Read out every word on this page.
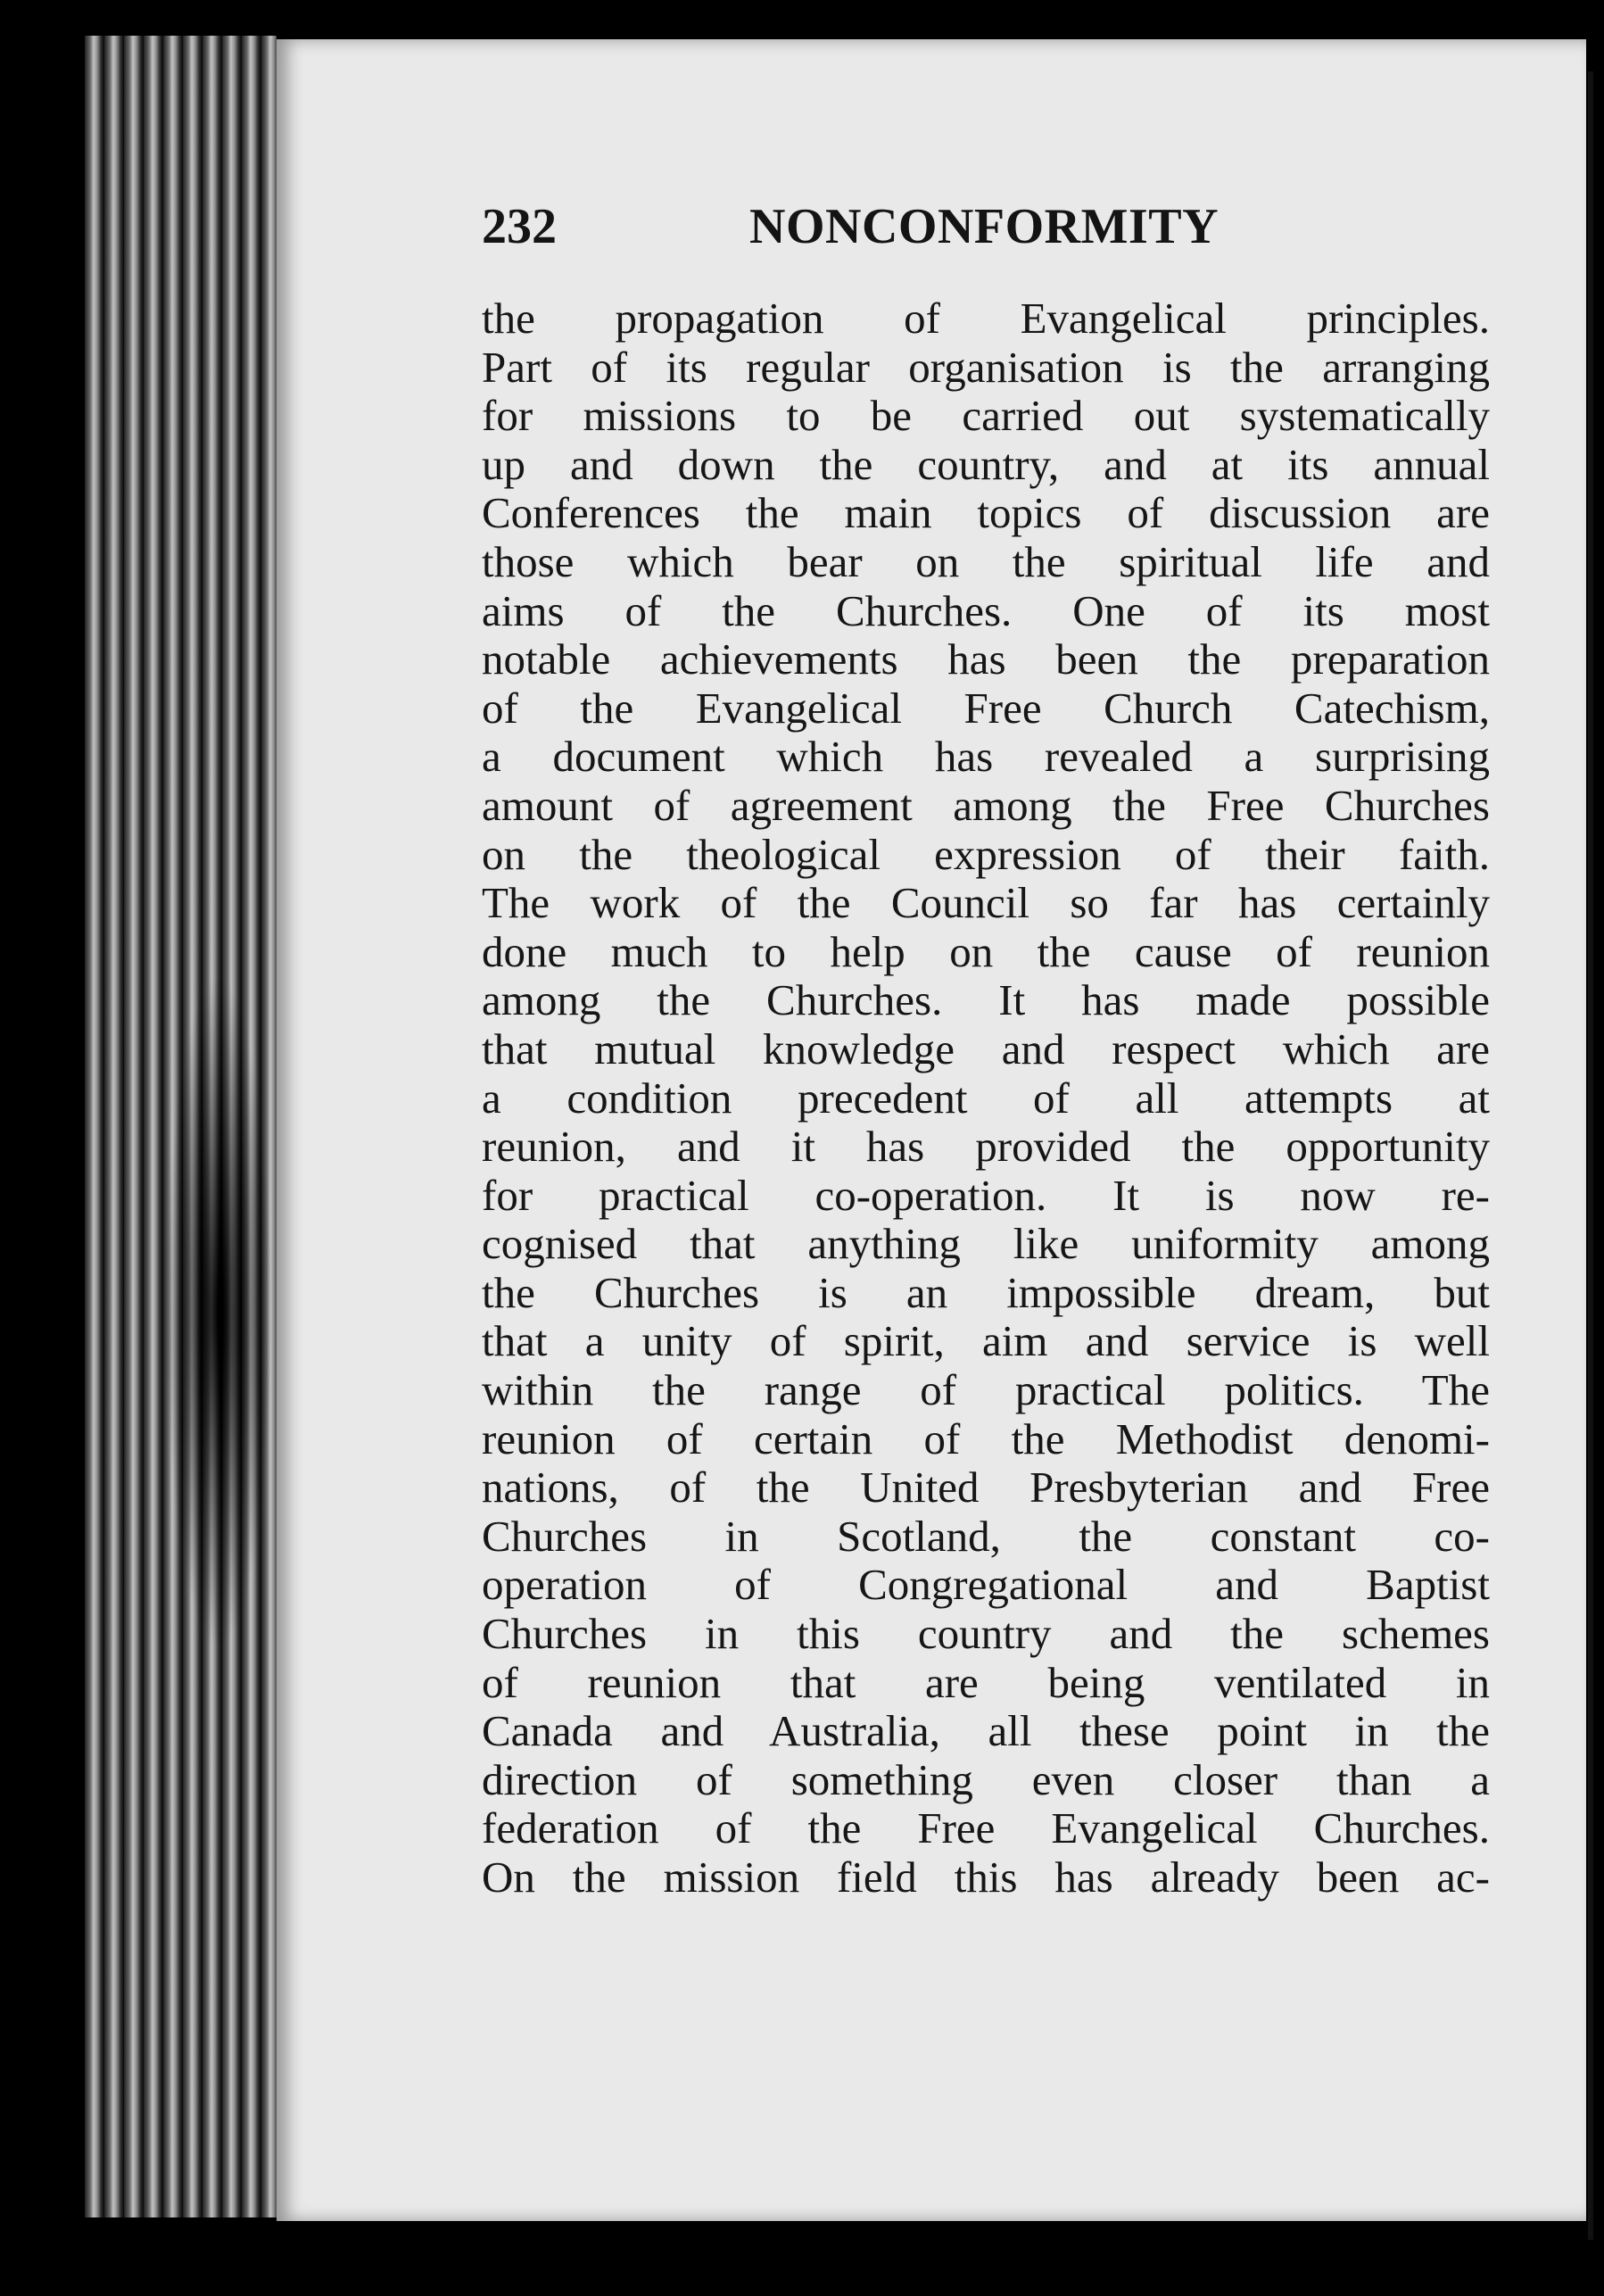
232	NONCONFORMITY
the propagation of Evangelical principles.
Part of its regular organisation is the arranging
for missions to be carried out systematically
up and down the country, and at its annual
Conferences the main topics of discussion are
those which bear on the spiritual life and
aims of the Churches. One of its most
notable achievements has been the preparation
of the Evangelical Free Church Catechism,
a document which has revealed a surprising
amount of agreement among the Free Churches
on the theological expression of their faith.
The work of the Council so far has certainly
done much to help on the cause of reunion
among the Churches. It has made possible
that mutual knowledge and respect which are
a condition precedent of all attempts at
reunion, and it has provided the opportunity
for practical co-operation. It is now re-
cognised that anything like uniformity among
the Churches is an impossible dream, but
that a unity of spirit, aim and service is well
within the range of practical politics. The
reunion of certain of the Methodist denomi-
nations, of the United Presbyterian and Free
Churches in Scotland, the constant co-
operation of Congregational and Baptist
Churches in this country and the schemes
of reunion that are being ventilated in
Canada and Australia, all these point in the
direction of something even closer than a
federation of the Free Evangelical Churches.
On the mission field this has already been ac-
